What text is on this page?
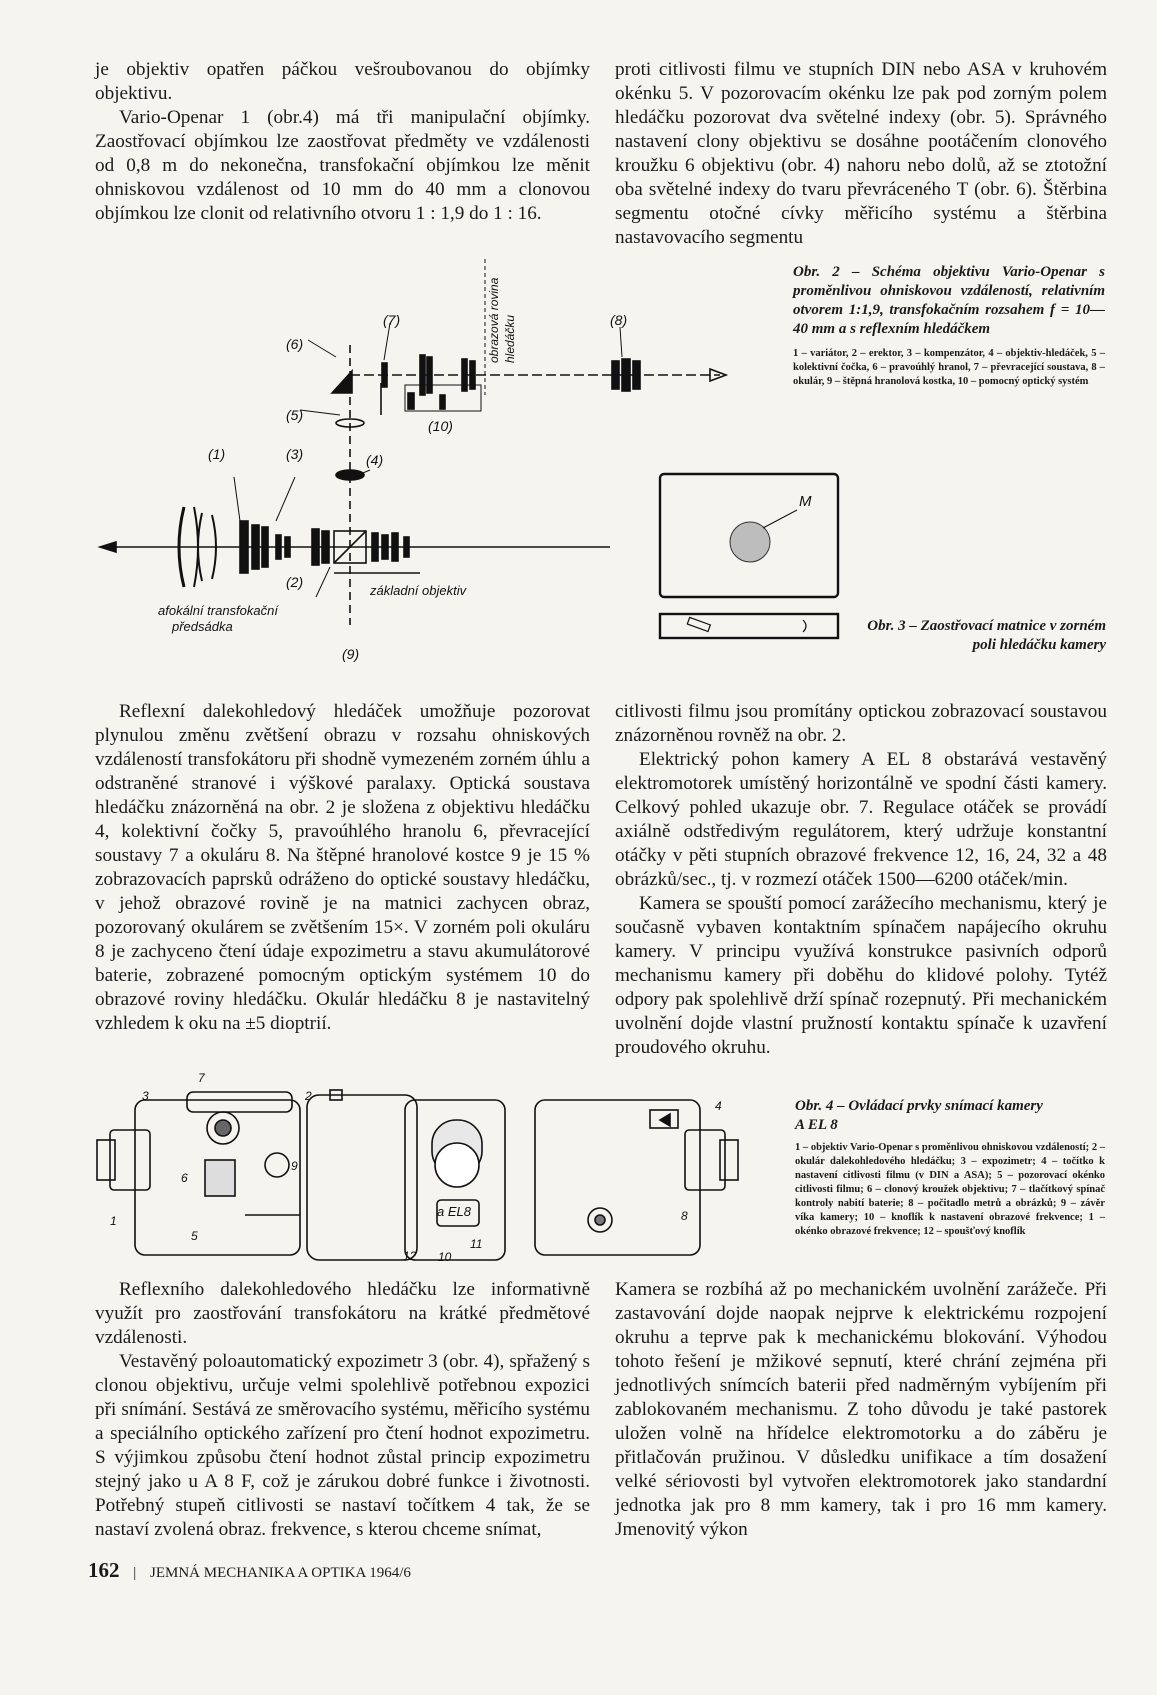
je objektiv opatřen páčkou vešroubovanou do objímky objektivu.

Vario-Openar 1 (obr.4) má tři manipulační objímky. Zaostřovací objímkou lze zaostřovat předměty ve vzdálenosti od 0,8 m do nekonečna, transfokační objímkou lze měnit ohniskovou vzdálenost od 10 mm do 40 mm a clonovou objímkou lze clonit od relativního otvoru 1 : 1,9 do 1 : 16.

proti citlivosti filmu ve stupních DIN nebo ASA v kruhovém okénku 5. V pozorovacím okénku lze pak pod zorným polem hledáčku pozorovat dva světelné indexy (obr. 5). Správného nastavení clony objektivu se dosáhne pootáčením clonového kroužku 6 objektivu (obr. 4) nahoru nebo dolů, až se ztotožní oba světelné indexy do tvaru převráceného T (obr. 6). Štěrbina segmentu otočné cívky měřicího systému a štěrbina nastavovacího segmentu

(1)	(3)	(4)
(5)
(6)
(7)	(8)
(9)
(10)
(2)
základní objektiv
afokální transfokační
předsádka
obrazová rovina hledáčku
Obr. 2 – Schéma objektivu Vario-Openar s proměnlivou ohniskovou vzdáleností, relativním otvorem 1:1,9, transfokačním rozsahem f = 10—40 mm a s reflexním hledáčkem
1 – variátor, 2 – erektor, 3 – kompenzátor, 4 – objektiv-hledáček, 5 – kolektivní čočka, 6 – pravoúhlý hranol, 7 – převracející soustava, 8 – okulár, 9 – štěpná hranolová kostka, 10 – pomocný optický systém
M
Obr. 3 – Zaostřovací matnice v zorném poli hledáčku kamery

Reflexní dalekohledový hledáček umožňuje pozorovat plynulou změnu zvětšení obrazu v rozsahu ohniskových vzdáleností transfokátoru při shodně vymezeném zorném úhlu a odstraněné stranové i výškové paralaxy. Optická soustava hledáčku znázorněná na obr. 2 je složena z objektivu hledáčku 4, kolektivní čočky 5, pravoúhlého hranolu 6, převracející soustavy 7 a okuláru 8. Na štěpné hranolové kostce 9 je 15 % zobrazovacích paprsků odráženo do optické soustavy hledáčku, v jehož obrazové rovině je na matnici zachycen obraz, pozorovaný okulárem se zvětšením 15×. V zorném poli okuláru 8 je zachyceno čtení údaje expozimetru a stavu akumulátorové baterie, zobrazené pomocným optickým systémem 10 do obrazové roviny hledáčku. Okulár hledáčku 8 je nastavitelný vzhledem k oku na ±5 dioptrií.

citlivosti filmu jsou promítány optickou zobrazovací soustavou znázorněnou rovněž na obr. 2.

Elektrický pohon kamery A EL 8 obstarává vestavěný elektromotorek umístěný horizontálně ve spodní části kamery. Celkový pohled ukazuje obr. 7. Regulace otáček se provádí axiálně odstředivým regulátorem, který udržuje konstantní otáčky v pěti stupních obrazové frekvence 12, 16, 24, 32 a 48 obrázků/sec., tj. v rozmezí otáček 1500—6200 otáček/min.

Kamera se spouští pomocí zarážecího mechanismu, který je současně vybaven kontaktním spínačem napájecího okruhu kamery. V principu využívá konstrukce pasivních odporů mechanismu kamery při doběhu do klidové polohy. Tytéž odpory pak spolehlivě drží spínač rozepnutý. Při mechanickém uvolnění dojde vlastní pružností kontaktu spínače k uzavření proudového okruhu.

7
2
3
4
5
6
1	8
9
10
11
12
a EL8
Obr. 4 – Ovládací prvky snímací kamery
A EL 8
1 – objektiv Vario-Openar s proměnlivou ohniskovou vzdáleností; 2 – okulár dalekohledového hledáčku; 3 – expozimetr; 4 – točítko k nastavení citlivosti filmu (v DIN a ASA); 5 – pozorovací okénko citlivosti filmu; 6 – clonový kroužek objektivu; 7 – tlačítkový spínač kontroly nabití baterie; 8 – počitadlo metrů a obrázků; 9 – závěr víka kamery; 10 – knoflík k nastavení obrazové frekvence; 1 – okénko obrazové frekvence; 12 – spoušťový knoflík

Reflexního dalekohledového hledáčku lze informativně využít pro zaostřování transfokátoru na krátké předmětové vzdálenosti.

Vestavěný poloautomatický expozimetr 3 (obr. 4), spřažený s clonou objektivu, určuje velmi spolehlivě potřebnou expozici při snímání. Sestává ze směrovacího systému, měřicího systému a speciálního optického zařízení pro čtení hodnot expozimetru. S výjimkou způsobu čtení hodnot zůstal princip expozimetru stejný jako u A 8 F, což je zárukou dobré funkce i životnosti. Potřebný stupeň citlivosti se nastaví točítkem 4 tak, že se nastaví zvolená obraz. frekvence, s kterou chceme snímat,

Kamera se rozbíhá až po mechanickém uvolnění zarážeče. Při zastavování dojde naopak nejprve k elektrickému rozpojení okruhu a teprve pak k mechanickému blokování. Výhodou tohoto řešení je mžikové sepnutí, které chrání zejména při jednotlivých snímcích baterii před nadměrným vybíjením při zablokovaném mechanismu. Z toho důvodu je také pastorek uložen volně na hřídelce elektromotorku a do záběru je přitlačován pružinou. V důsledku unifikace a tím dosažení velké sériovosti byl vytvořen elektromotorek jako standardní jednotka jak pro 8 mm kamery, tak i pro 16 mm kamery. Jmenovitý výkon

162 | JEMNÁ MECHANIKA A OPTIKA 1964/6
